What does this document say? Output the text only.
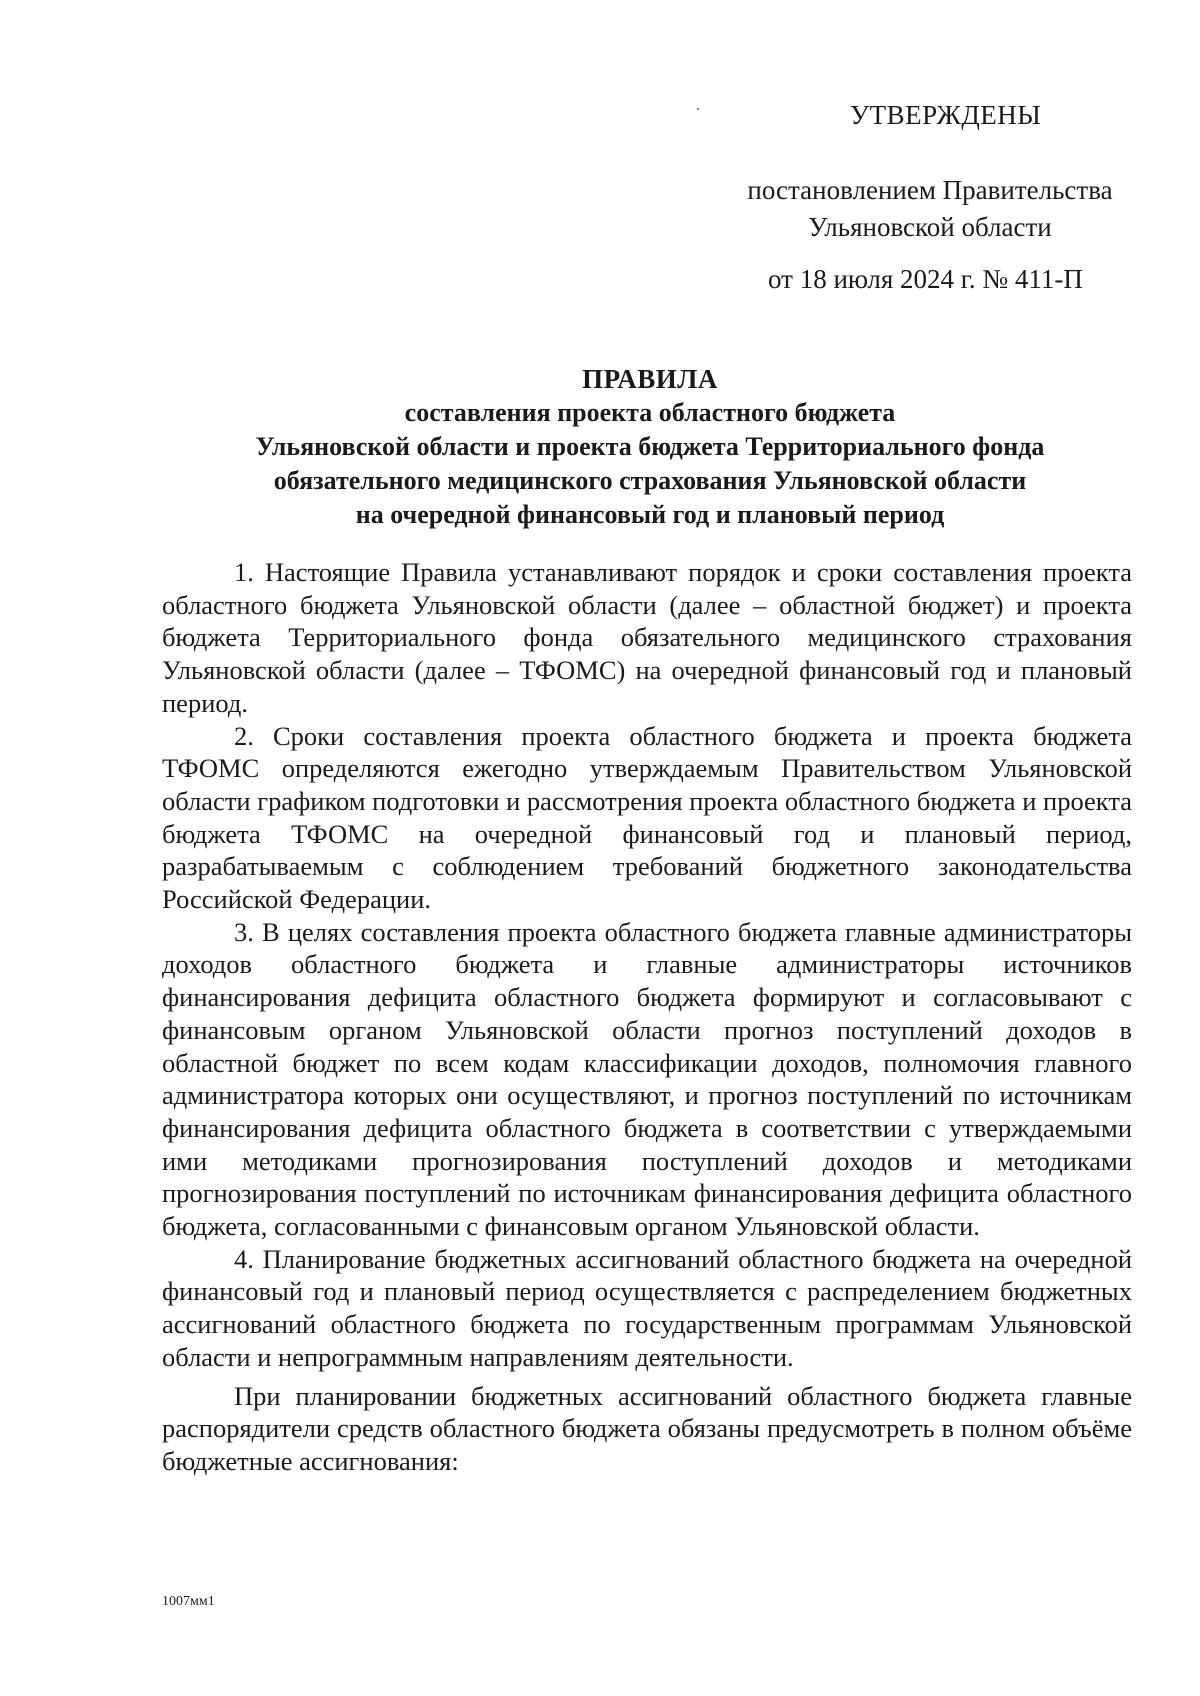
УТВЕРЖДЕНЫ
постановлением Правительства
Ульяновской области
от 18 июля 2024 г. № 411-П
ПРАВИЛА
составления проекта областного бюджета
Ульяновской области и проекта бюджета Территориального фонда
обязательного медицинского страхования Ульяновской области
на очередной финансовый год и плановый период

1. Настоящие Правила устанавливают порядок и сроки составления проекта областного бюджета Ульяновской области (далее – областной бюджет) и проекта бюджета Территориального фонда обязательного медицинского страхования Ульяновской области (далее – ТФОМС) на очередной финансовый год и плановый период.

2. Сроки составления проекта областного бюджета и проекта бюджета ТФОМС определяются ежегодно утверждаемым Правительством Ульяновской области графиком подготовки и рассмотрения проекта областного бюджета и проекта бюджета ТФОМС на очередной финансовый год и плановый период, разрабатываемым с соблюдением требований бюджетного законодательства Российской Федерации.

3. В целях составления проекта областного бюджета главные администраторы доходов областного бюджета и главные администраторы источников финансирования дефицита областного бюджета формируют и согласовывают с финансовым органом Ульяновской области прогноз поступлений доходов в областной бюджет по всем кодам классификации доходов, полномочия главного администратора которых они осуществляют, и прогноз поступлений по источникам финансирования дефицита областного бюджета в соответствии с утверждаемыми ими методиками прогнозирования поступлений доходов и методиками прогнозирования поступлений по источникам финансирования дефицита областного бюджета, согласованными с финансовым органом Ульяновской области.

4. Планирование бюджетных ассигнований областного бюджета на очередной финансовый год и плановый период осуществляется с распределением бюджетных ассигнований областного бюджета по государственным программам Ульяновской области и непрограммным направлениям деятельности.

При планировании бюджетных ассигнований областного бюджета главные распорядители средств областного бюджета обязаны предусмотреть в полном объёме бюджетные ассигнования:

1007мм1
